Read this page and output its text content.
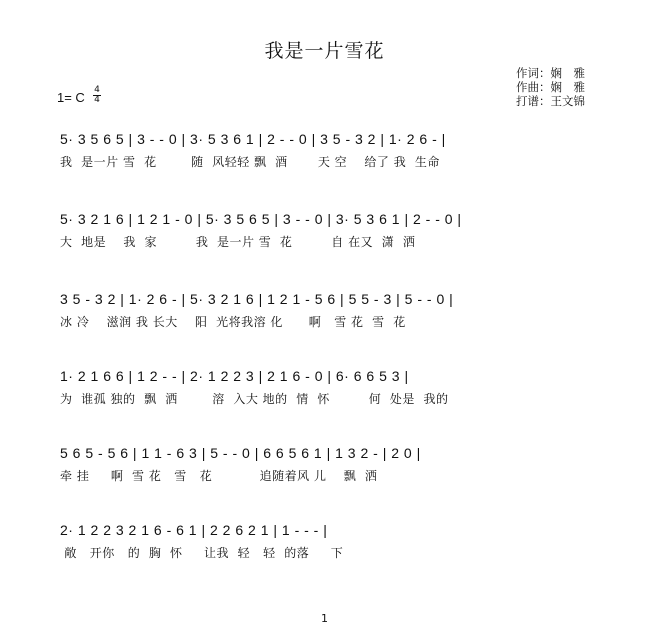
我是一片雪花
作词：娴　雅
作曲：娴　雅
打谱：王文锦
1= C 4
4
5· 3 5 6 5 | 3 - - 0 | 3· 5 3 6 1 | 2 - - 0 | 3 5 - 3 2 | 1· 2 6 - |
我  是一片 雪  花        随  风轻轻 飘  酒       天 空    给了 我  生命
5· 3 2 1 6 | 1 2 1 - 0 | 5· 3 5 6 5 | 3 - - 0 | 3· 5 3 6 1 | 2 - - 0 |
大  地是    我  家         我  是一片 雪  花         自 在又  潇  洒
3 5 - 3 2 | 1· 2 6 - | 5· 3 2 1 6 | 1 2 1 - 5 6 | 5 5 - 3 | 5 - - 0 |
冰 冷    滋润 我 长大    阳  光将我溶 化      啊   雪 花  雪  花
1· 2 1 6 6 | 1 2 - - | 2· 1 2 2 3 | 2 1 6 - 0 | 6· 6 6 5 3 |
为  谁孤 独的  飘  洒        溶  入大 地的  情  怀         何  处是  我的
5 6 5 - 5 6 | 1 1 - 6 3 | 5 - - 0 | 6 6 5 6 1 | 1 3 2 - | 2 0 |
牵 挂     啊  雪 花   雪   花           追随着风 儿    飘  洒
2· 1 2 2 3 2 1 6 - 6 1 | 2 2 6 2 1 | 1 - - - |
敞   开你   的  胸  怀     让我  轻   轻  的落     下
1
